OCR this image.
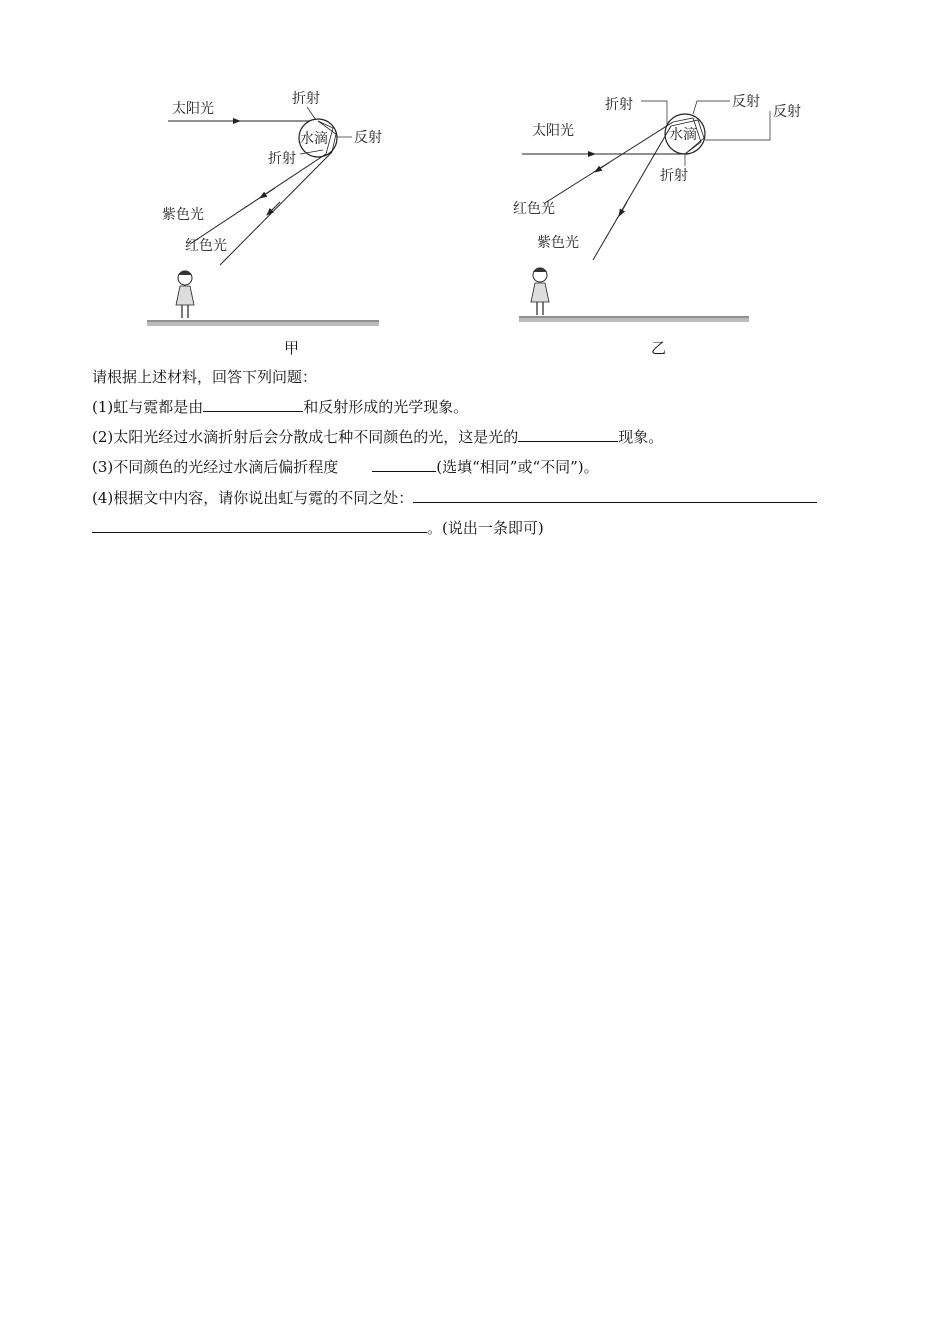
太阳光
折射
水滴 反射
折射
紫色光
红色光
甲
折射	反射
反射
太阳光	水滴
折射
红色光
紫色光
乙
请根据上述材料，回答下列问题：
(1)虹与霓都是由	和反射形成的光学现象。
(2)太阳光经过水滴折射后会分散成七种不同颜色的光，这是光的	现象。
(3)不同颜色的光经过水滴后偏折程度	(选填“相同”或“不同”)。
(4)根据文中内容，请你说出虹与霓的不同之处：
。(说出一条即可)
